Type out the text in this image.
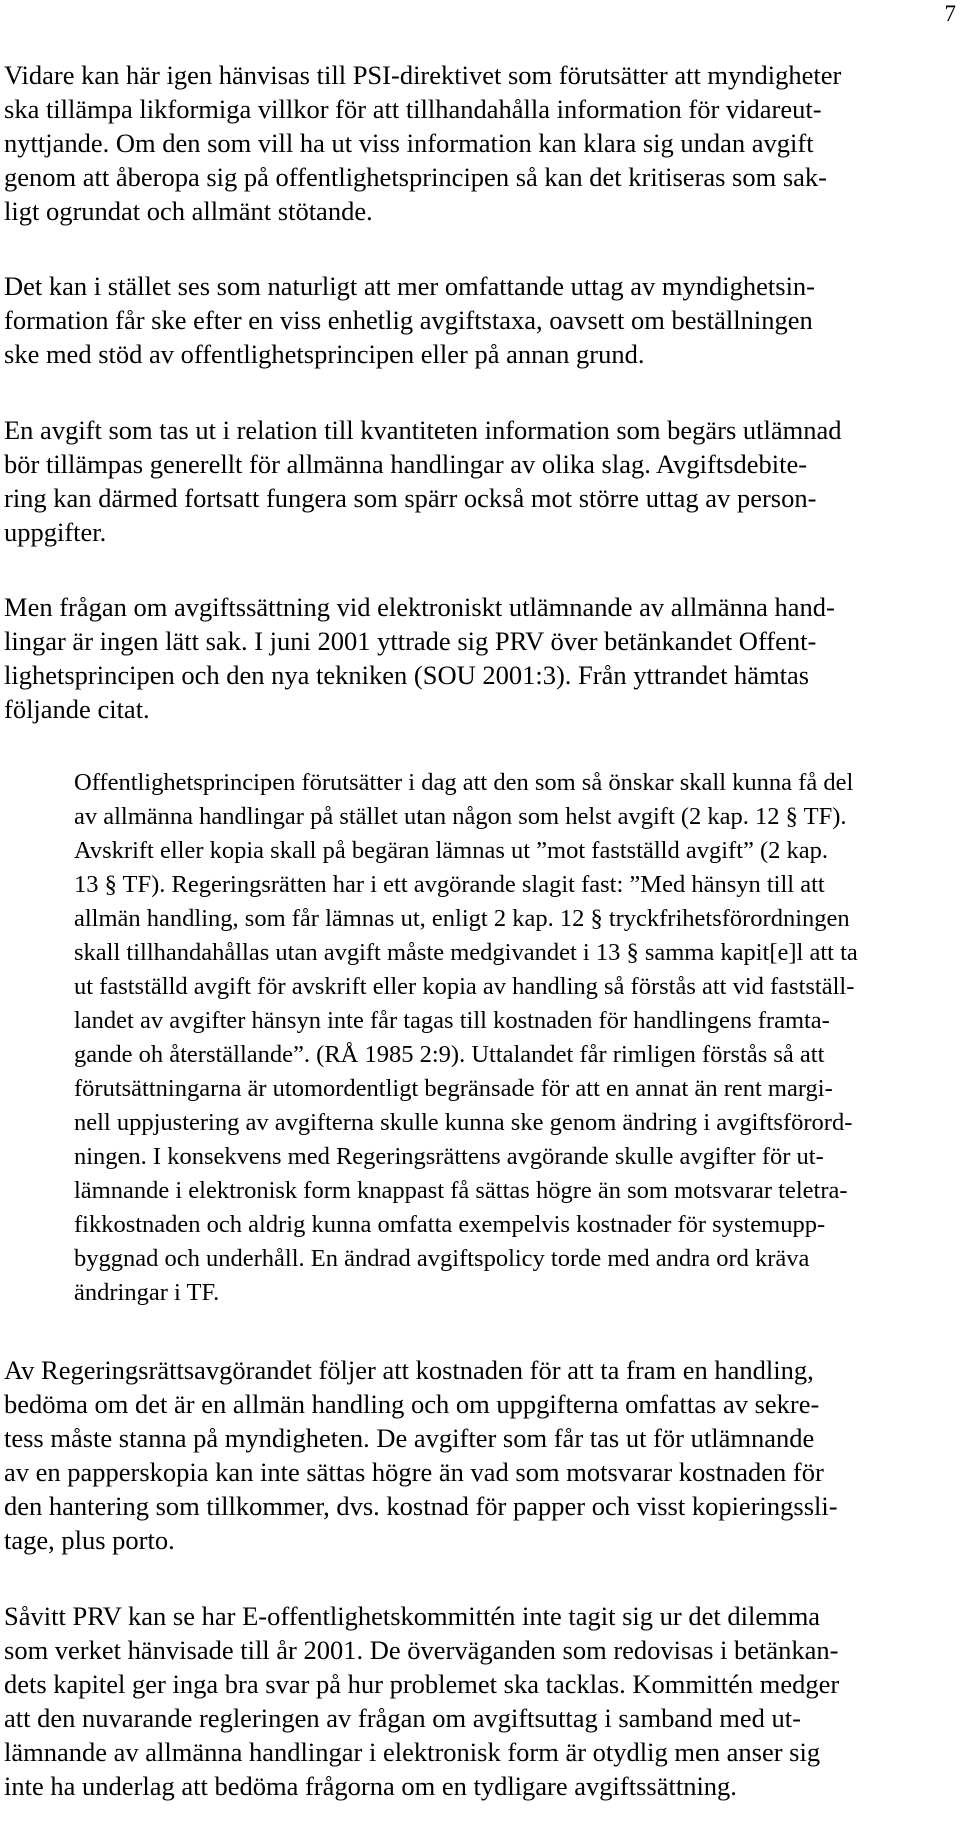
7
Vidare kan här igen hänvisas till PSI-direktivet som förutsätter att myndigheter
ska tillämpa likformiga villkor för att tillhandahålla information för vidareut-
nyttjande. Om den som vill ha ut viss information kan klara sig undan avgift
genom att åberopa sig på offentlighetsprincipen så kan det kritiseras som sak-
ligt ogrundat och allmänt stötande.
Det kan i stället ses som naturligt att mer omfattande uttag av myndighetsin-
formation får ske efter en viss enhetlig avgiftstaxa, oavsett om beställningen
ske med stöd av offentlighetsprincipen eller på annan grund.
En avgift som tas ut i relation till kvantiteten information som begärs utlämnad
bör tillämpas generellt för allmänna handlingar av olika slag. Avgiftsdebite-
ring kan därmed fortsatt fungera som spärr också mot större uttag av person-
uppgifter.
Men frågan om avgiftssättning vid elektroniskt utlämnande av allmänna hand-
lingar är ingen lätt sak. I juni 2001 yttrade sig PRV över betänkandet Offent-
lighetsprincipen och den nya tekniken (SOU 2001:3). Från yttrandet hämtas
följande citat.
Offentlighetsprincipen förutsätter i dag att den som så önskar skall kunna få del
av allmänna handlingar på stället utan någon som helst avgift (2 kap. 12 § TF).
Avskrift eller kopia skall på begäran lämnas ut ”mot fastställd avgift” (2 kap.
13 § TF). Regeringsrätten har i ett avgörande slagit fast: ”Med hänsyn till att
allmän handling, som får lämnas ut, enligt 2 kap. 12 § tryckfrihetsförordningen
skall tillhandahållas utan avgift måste medgivandet i 13 § samma kapit[e]l att ta
ut fastställd avgift för avskrift eller kopia av handling så förstås att vid fastställ-
landet av avgifter hänsyn inte får tagas till kostnaden för handlingens framta-
gande oh återställande”. (RÅ 1985 2:9). Uttalandet får rimligen förstås så att
förutsättningarna är utomordentligt begränsade för att en annat än rent margi-
nell uppjustering av avgifterna skulle kunna ske genom ändring i avgiftsförord-
ningen. I konsekvens med Regeringsrättens avgörande skulle avgifter för ut-
lämnande i elektronisk form knappast få sättas högre än som motsvarar teletra-
fikkostnaden och aldrig kunna omfatta exempelvis kostnader för systemupp-
byggnad och underhåll. En ändrad avgiftspolicy torde med andra ord kräva
ändringar i TF.
Av Regeringsrättsavgörandet följer att kostnaden för att ta fram en handling,
bedöma om det är en allmän handling och om uppgifterna omfattas av sekre-
tess måste stanna på myndigheten. De avgifter som får tas ut för utlämnande
av en papperskopia kan inte sättas högre än vad som motsvarar kostnaden för
den hantering som tillkommer, dvs. kostnad för papper och visst kopieringssli-
tage, plus porto.
Såvitt PRV kan se har E-offentlighetskommittén inte tagit sig ur det dilemma
som verket hänvisade till år 2001. De överväganden som redovisas i betänkan-
dets kapitel ger inga bra svar på hur problemet ska tacklas. Kommittén medger
att den nuvarande regleringen av frågan om avgiftsuttag i samband med ut-
lämnande av allmänna handlingar i elektronisk form är otydlig men anser sig
inte ha underlag att bedöma frågorna om en tydligare avgiftssättning.
